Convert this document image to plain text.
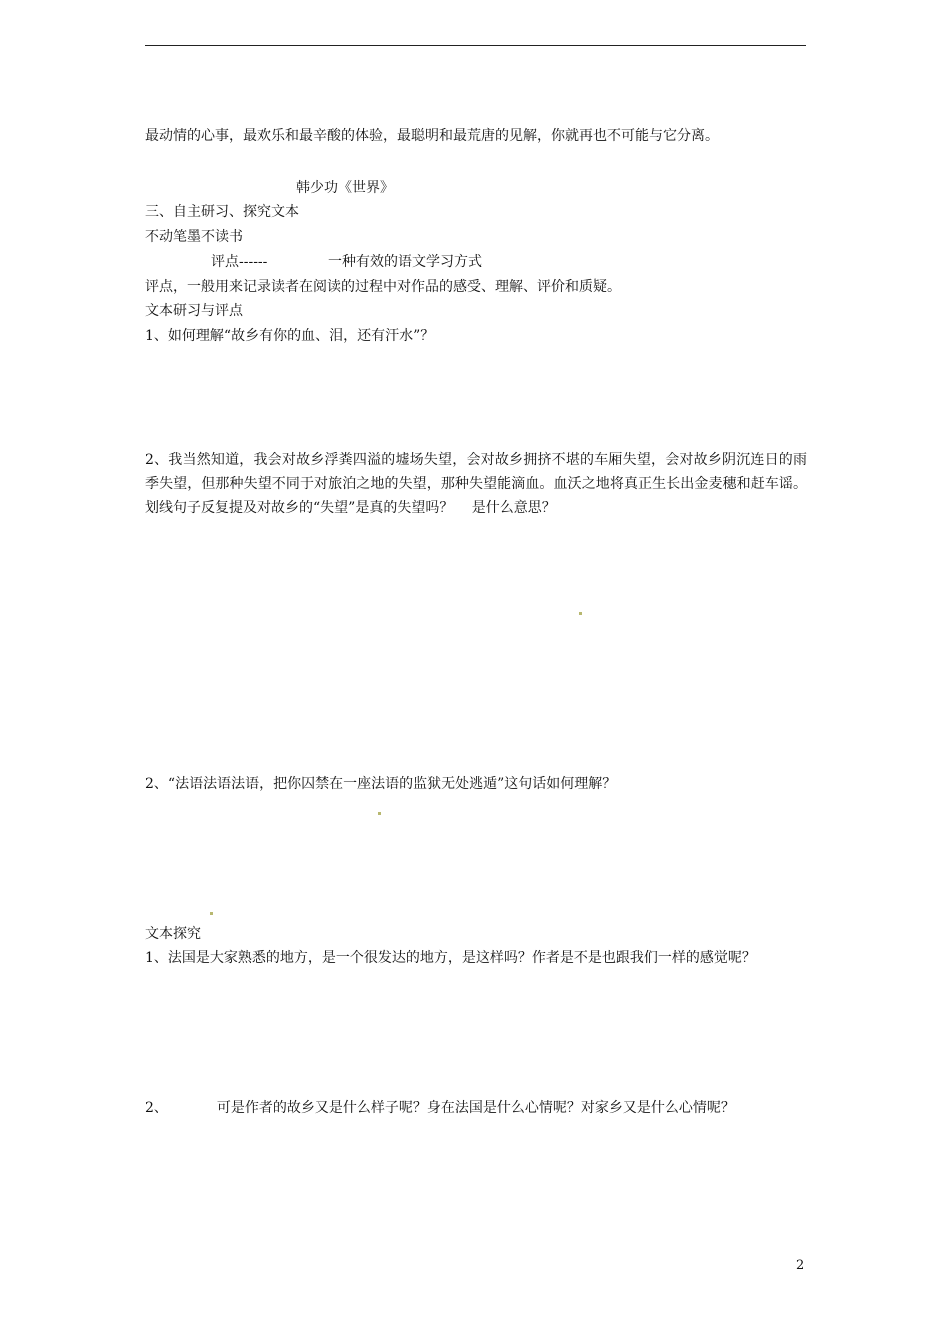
最动情的心事，最欢乐和最辛酸的体验，最聪明和最荒唐的见解，你就再也不可能与它分离。
韩少功《世界》
三、自主研习、探究文本
不动笔墨不读书
评点------	一种有效的语文学习方式
评点，一般用来记录读者在阅读的过程中对作品的感受、理解、评价和质疑。
文本研习与评点
1、如何理解“故乡有你的血、泪，还有汗水”？
2、我当然知道，我会对故乡浮粪四溢的墟场失望，会对故乡拥挤不堪的车厢失望，会对故乡阴沉连日的雨季失望，但那种失望不同于对旅泊之地的失望，那种失望能滴血。血沃之地将真正生长出金麦穗和赶车谣。划线句子反复提及对故乡的“失望”是真的失望吗？　 是什么意思？
2、“法语法语法语，把你囚禁在一座法语的监狱无处逃遁”这句话如何理解？
文本探究
1、法国是大家熟悉的地方，是一个很发达的地方，是这样吗？作者是不是也跟我们一样的感觉呢？
2、　　　　可是作者的故乡又是什么样子呢？身在法国是什么心情呢？对家乡又是什么心情呢？
2
